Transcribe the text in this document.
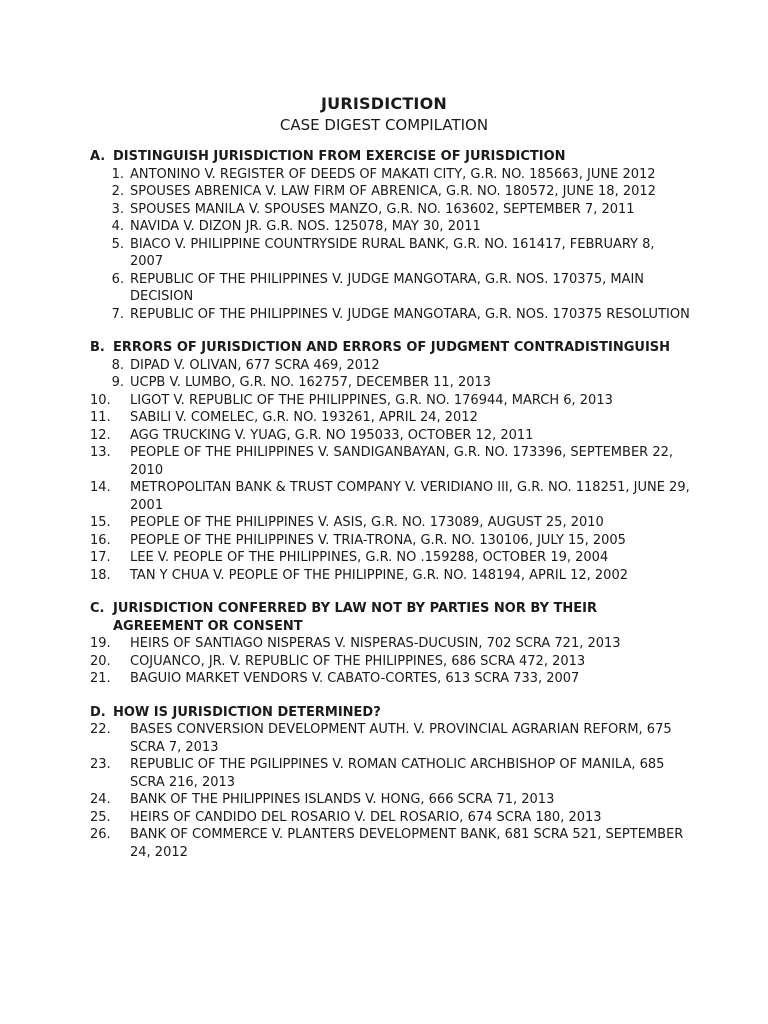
JURISDICTION
CASE DIGEST COMPILATION
A. DISTINGUISH JURISDICTION FROM EXERCISE OF JURISDICTION
1. ANTONINO V. REGISTER OF DEEDS OF MAKATI CITY, G.R. NO. 185663, JUNE 2012
2. SPOUSES ABRENICA V. LAW FIRM OF ABRENICA, G.R. NO. 180572, JUNE 18, 2012
3. SPOUSES MANILA V. SPOUSES MANZO, G.R. NO. 163602, SEPTEMBER 7, 2011
4. NAVIDA V. DIZON JR. G.R. NOS. 125078, MAY 30, 2011
5. BIACO V. PHILIPPINE COUNTRYSIDE RURAL BANK, G.R. NO. 161417, FEBRUARY 8, 2007
6. REPUBLIC OF THE PHILIPPINES V. JUDGE MANGOTARA, G.R. NOS. 170375, MAIN DECISION
7. REPUBLIC OF THE PHILIPPINES V. JUDGE MANGOTARA, G.R. NOS. 170375 RESOLUTION
B. ERRORS OF JURISDICTION AND ERRORS OF JUDGMENT CONTRADISTINGUISH
8. DIPAD V. OLIVAN, 677 SCRA 469, 2012
9. UCPB V. LUMBO, G.R. NO. 162757, DECEMBER 11, 2013
10.	LIGOT V. REPUBLIC OF THE PHILIPPINES, G.R. NO. 176944, MARCH 6, 2013
11.	SABILI V. COMELEC, G.R. NO. 193261, APRIL 24, 2012
12.	AGG TRUCKING V. YUAG, G.R. NO 195033, OCTOBER 12, 2011
13.	PEOPLE OF THE PHILIPPINES V. SANDIGANBAYAN, G.R. NO. 173396, SEPTEMBER 22, 2010
14.	METROPOLITAN BANK & TRUST COMPANY V. VERIDIANO III, G.R. NO. 118251, JUNE 29, 2001
15.	PEOPLE OF THE PHILIPPINES V. ASIS, G.R. NO. 173089, AUGUST 25, 2010
16.	PEOPLE OF THE PHILIPPINES V. TRIA-TRONA, G.R. NO. 130106, JULY 15, 2005
17.	LEE V. PEOPLE OF THE PHILIPPINES, G.R. NO .159288, OCTOBER 19, 2004
18.	TAN Y CHUA V. PEOPLE OF THE PHILIPPINE, G.R. NO. 148194, APRIL 12, 2002
C. JURISDICTION CONFERRED BY LAW NOT BY PARTIES NOR BY THEIR AGREEMENT OR CONSENT
19.	HEIRS OF SANTIAGO NISPERAS V. NISPERAS-DUCUSIN, 702 SCRA 721, 2013
20.	COJUANCO, JR. V. REPUBLIC OF THE PHILIPPINES, 686 SCRA 472, 2013
21.	BAGUIO MARKET VENDORS V. CABATO-CORTES, 613 SCRA 733, 2007
D. HOW IS JURISDICTION DETERMINED?
22.	BASES CONVERSION DEVELOPMENT AUTH. V. PROVINCIAL AGRARIAN REFORM, 675 SCRA 7, 2013
23.	REPUBLIC OF THE PGILIPPINES V. ROMAN CATHOLIC ARCHBISHOP OF MANILA, 685 SCRA 216, 2013
24.	BANK OF THE PHILIPPINES ISLANDS V. HONG, 666 SCRA 71, 2013
25.	HEIRS OF CANDIDO DEL ROSARIO V. DEL ROSARIO, 674 SCRA 180, 2013
26.	BANK OF COMMERCE V. PLANTERS DEVELOPMENT BANK, 681 SCRA 521, SEPTEMBER 24, 2012
